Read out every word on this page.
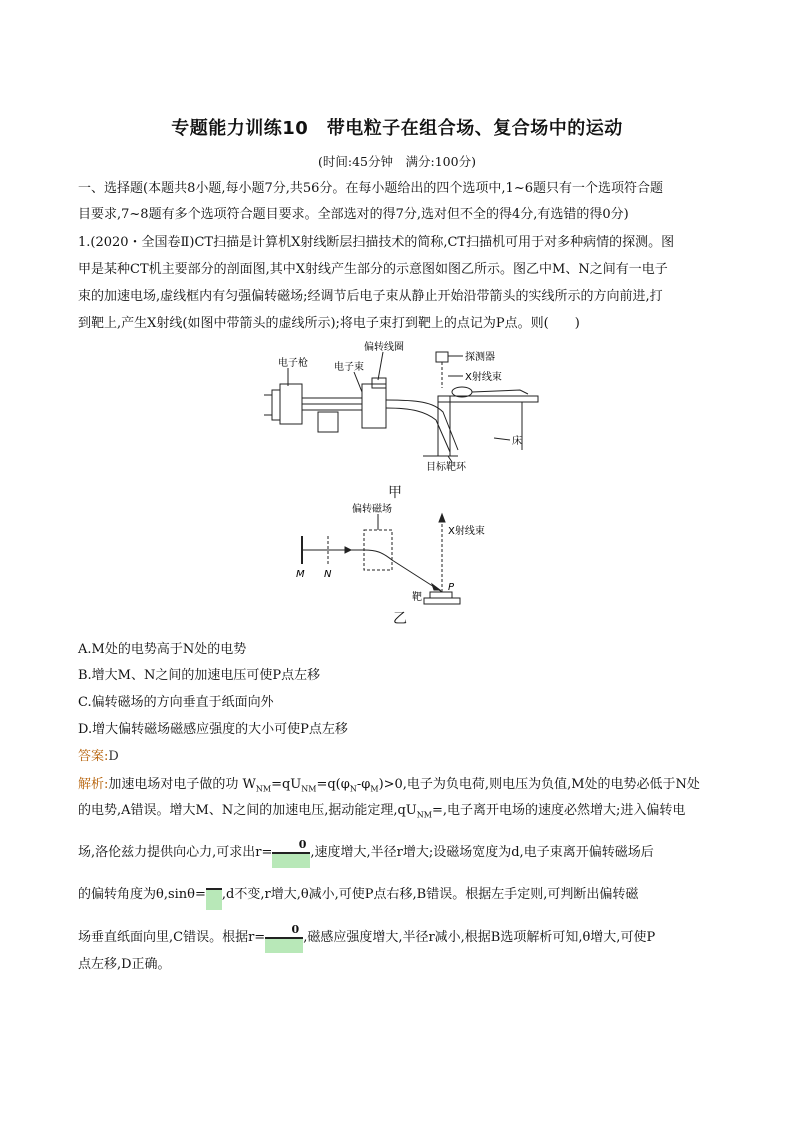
专题能力训练10　带电粒子在组合场、复合场中的运动
(时间:45分钟　满分:100分)
一、选择题(本题共8小题,每小题7分,共56分。在每小题给出的四个选项中,1~6题只有一个选项符合题
目要求,7~8题有多个选项符合题目要求。全部选对的得7分,选对但不全的得4分,有选错的得0分)
1.(2020・全国卷Ⅱ)CT扫描是计算机X射线断层扫描技术的简称,CT扫描机可用于对多种病情的探测。图
甲是某种CT机主要部分的剖面图,其中X射线产生部分的示意图如图乙所示。图乙中M、N之间有一电子
束的加速电场,虚线框内有匀强偏转磁场;经调节后电子束从静止开始沿带箭头的实线所示的方向前进,打
到靶上,产生X射线(如图中带箭头的虚线所示);将电子束打到靶上的点记为P点。则(　　)
电子枪	电子束
偏转线圈
探测器
X射线束
床
目标靶环
甲
偏转磁场
X射线束
M N
靶
P
乙
A.M处的电势高于N处的电势
B.增大M、N之间的加速电压可使P点左移
C.偏转磁场的方向垂直于纸面向外
D.增大偏转磁场磁感应强度的大小可使P点左移
答案:D
解析:加速电场对电子做的功 $W_{NM}=qU_{NM}=q(\varphi_N-\varphi_M)>0$,电子为负电荷,则电压为负值,M处的电势必低于N处
的电势,A错误。增大M、N之间的加速电压,据动能定理$,qU_{NM}=$,电子离开电场的速度必然增大;进入偏转电
场,洛伦兹力提供向心力,可求出r=
0
,速度增大,半径r增大;设磁场宽度为d,电子束离开偏转磁场后
的偏转角度为θ,sinθ= ,d不变,r增大,θ减小,可使P点右移,B错误。根据左手定则,可判断出偏转磁
场垂直纸面向里,C错误。根据r=
0
,磁感应强度增大,半径r减小,根据B选项解析可知,θ增大,可使P
点左移,D正确。
